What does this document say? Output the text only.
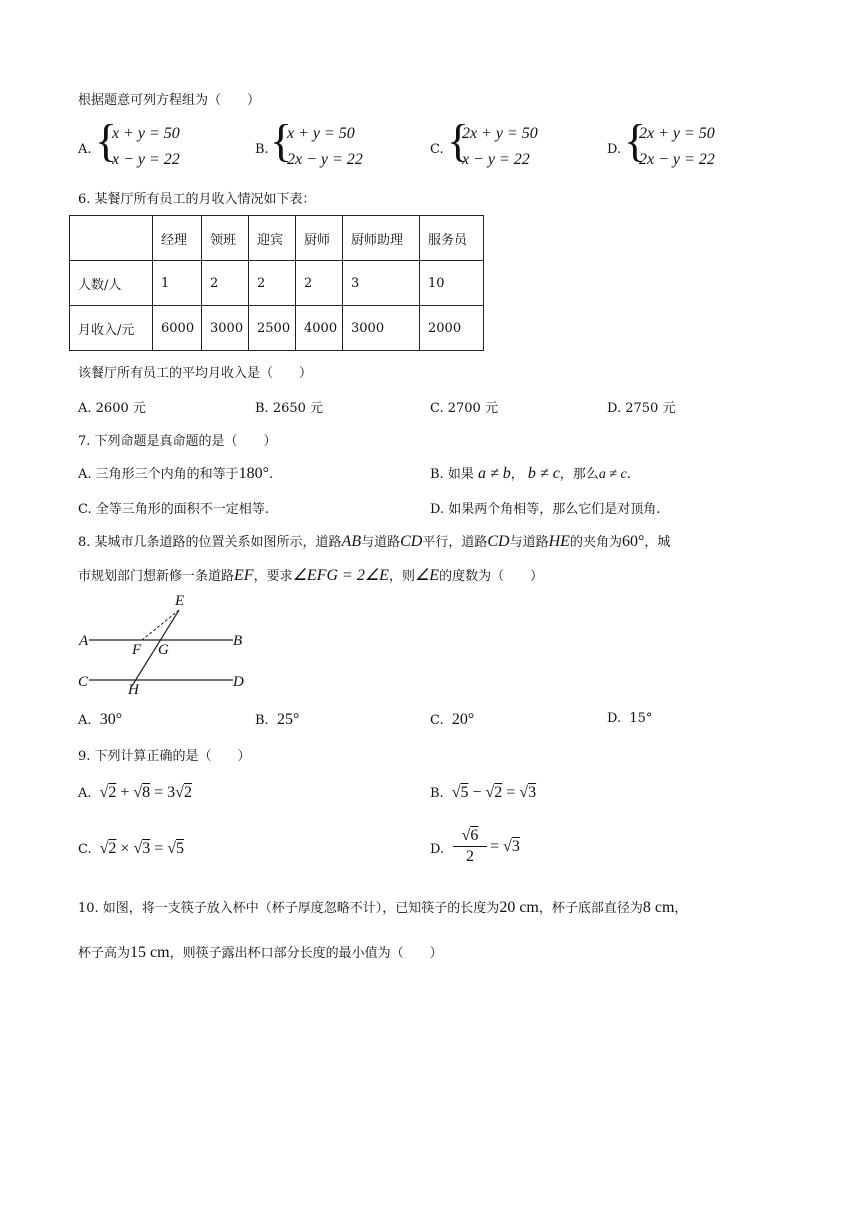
根据题意可列方程组为（　　）
A. {
x + y = 50
x − y = 22
B. {
x + y = 50
2x − y = 22
C. {
2x + y = 50
x − y = 22
D. {
2x + y = 50
2x − y = 22
6. 某餐厅所有员工的月收入情况如下表：
	经理	领班	迎宾	厨师	厨师助理	服务员
人数/人	1	2	2	2	3	10
月收入/元	6000	3000	2500	4000	3000	2000
该餐厅所有员工的平均月收入是（　　）
A. 2600 元	B. 2650 元	C. 2700 元	D. 2750 元
7. 下列命题是真命题的是（　　）
A. 三角形三个内角的和等于180°.	B. 如果 a ≠ b， b ≠ c，那么a ≠ c.
C. 全等三角形的面积不一定相等.	D. 如果两个角相等，那么它们是对顶角.
8. 某城市几条道路的位置关系如图所示，道路AB与道路CD平行，道路CD与道路HE的夹角为60°，城
市规划部门想新修一条道路EF，要求∠EFG = 2∠E，则∠E的度数为（　　）
E
A	B
F G
C	D
H
A. 30°	B. 25°	C. 20°	D. 15°
9. 下列计算正确的是（　　）
A.  √2 + √8 = 3√2	B.  √5 − √2 = √3
C.  √2 × √3 = √5	D.
√6
2
= √3
10. 如图，将一支筷子放入杯中（杯子厚度忽略不计），已知筷子的长度为20 cm，杯子底部直径为8 cm，
杯子高为15 cm，则筷子露出杯口部分长度的最小值为（　　）
